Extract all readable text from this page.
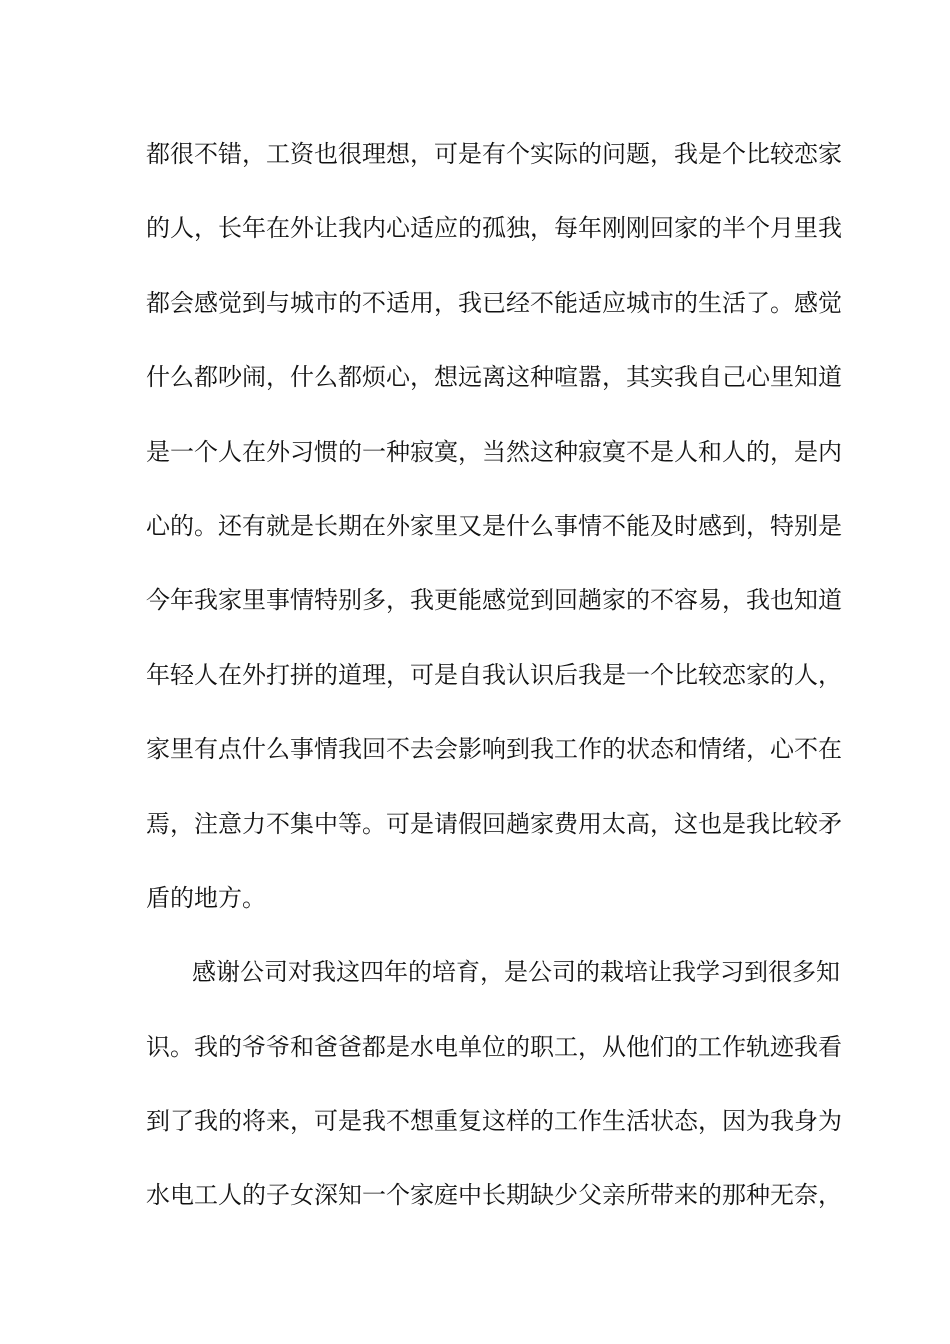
都很不错，工资也很理想，可是有个实际的问题，我是个比较恋家
的人，长年在外让我内心适应的孤独，每年刚刚回家的半个月里我
都会感觉到与城市的不适用，我已经不能适应城市的生活了。感觉
什么都吵闹，什么都烦心，想远离这种喧嚣，其实我自己心里知道
是一个人在外习惯的一种寂寞，当然这种寂寞不是人和人的，是内
心的。还有就是长期在外家里又是什么事情不能及时感到，特别是
今年我家里事情特别多，我更能感觉到回趟家的不容易，我也知道
年轻人在外打拼的道理，可是自我认识后我是一个比较恋家的人，
家里有点什么事情我回不去会影响到我工作的状态和情绪，心不在
焉，注意力不集中等。可是请假回趟家费用太高，这也是我比较矛
盾的地方。
感谢公司对我这四年的培育，是公司的栽培让我学习到很多知
识。我的爷爷和爸爸都是水电单位的职工，从他们的工作轨迹我看
到了我的将来，可是我不想重复这样的工作生活状态，因为我身为
水电工人的子女深知一个家庭中长期缺少父亲所带来的那种无奈，
